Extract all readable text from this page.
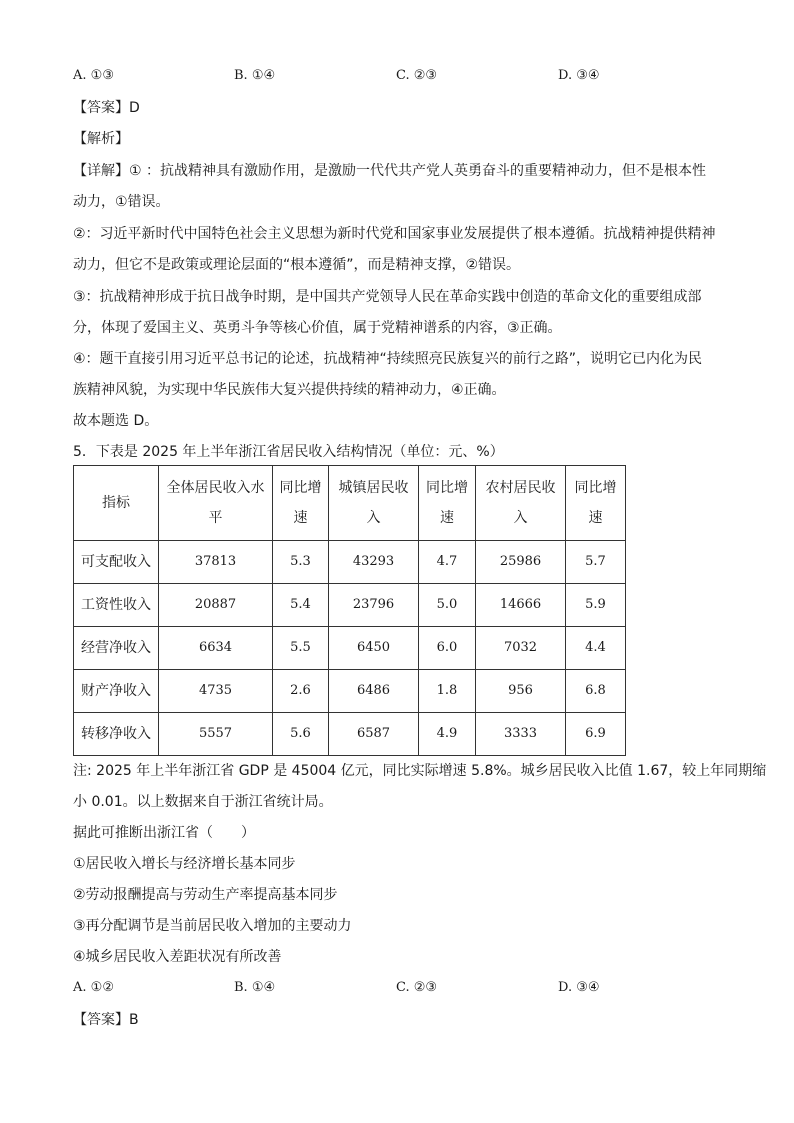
A. ①③	B. ①④	C. ②③	D. ③④
【答案】D
【解析】
【详解】① ：抗战精神具有激励作用，是激励一代代共产党人英勇奋斗的重要精神动力，但不是根本性
动力，①错误。
②：习近平新时代中国特色社会主义思想为新时代党和国家事业发展提供了根本遵循。抗战精神提供精神
动力，但它不是政策或理论层面的“根本遵循”，而是精神支撑，②错误。
③：抗战精神形成于抗日战争时期，是中国共产党领导人民在革命实践中创造的革命文化的重要组成部
分，体现了爱国主义、英勇斗争等核心价值，属于党精神谱系的内容，③正确。
④：题干直接引用习近平总书记的论述，抗战精神“持续照亮民族复兴的前行之路”，说明它已内化为民
族精神风貌，为实现中华民族伟大复兴提供持续的精神动力，④正确。
故本题选 D。
5．下表是 2025 年上半年浙江省居民收入结构情况（单位：元、%）
指标	全体居民收入水平	同比增速	城镇居民收入	同比增速	农村居民收入	同比增速
可支配收入	37813	5.3	43293	4.7	25986	5.7
工资性收入	20887	5.4	23796	5.0	14666	5.9
经营净收入	6634	5.5	6450	6.0	7032	4.4
财产净收入	4735	2.6	6486	1.8	956	6.8
转移净收入	5557	5.6	6587	4.9	3333	6.9
注: 2025 年上半年浙江省 GDP 是 45004 亿元，同比实际增速 5.8%。城乡居民收入比值 1.67，较上年同期缩
小 0.01。以上数据来自于浙江省统计局。
据此可推断出浙江省（　　）
①居民收入增长与经济增长基本同步
②劳动报酬提高与劳动生产率提高基本同步
③再分配调节是当前居民收入增加的主要动力
④城乡居民收入差距状况有所改善
A. ①②	B. ①④	C. ②③	D. ③④
【答案】B
